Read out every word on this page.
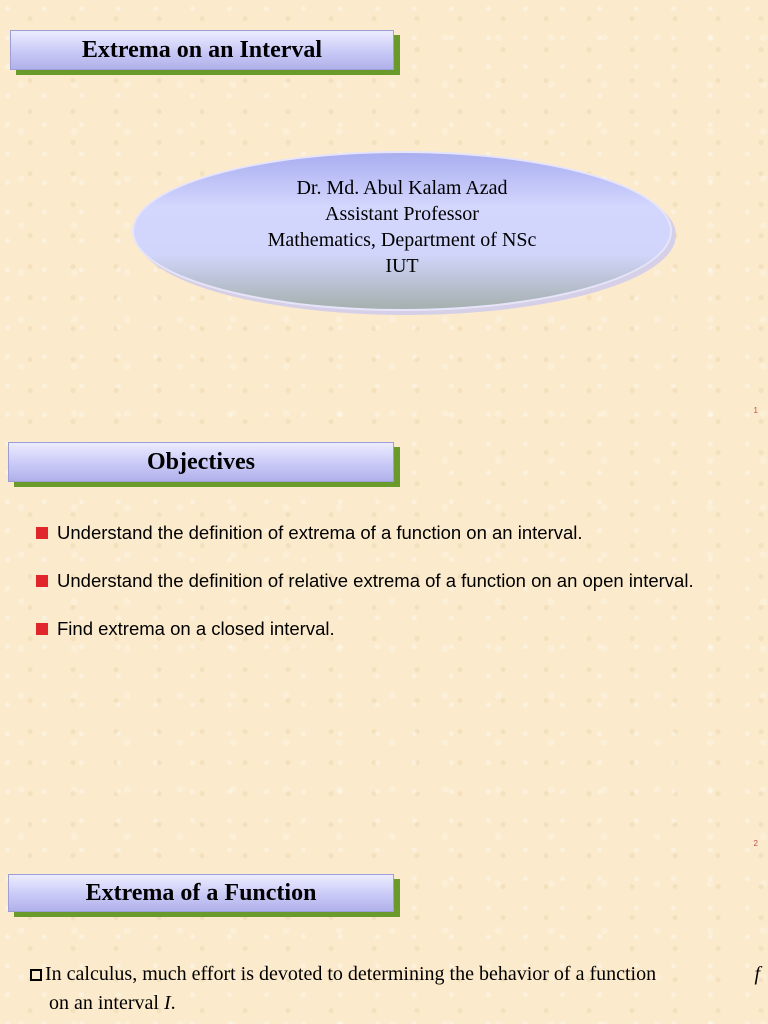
Extrema on an Interval
Dr. Md. Abul Kalam Azad
Assistant Professor
Mathematics, Department of NSc
IUT
1
Objectives
Understand the definition of extrema of a function on an interval.
Understand the definition of relative extrema of a function on an open interval.
Find extrema on a closed interval.
2
Extrema of a Function
In calculus, much effort is devoted to determining the behavior of a function	f
on an interval I.
